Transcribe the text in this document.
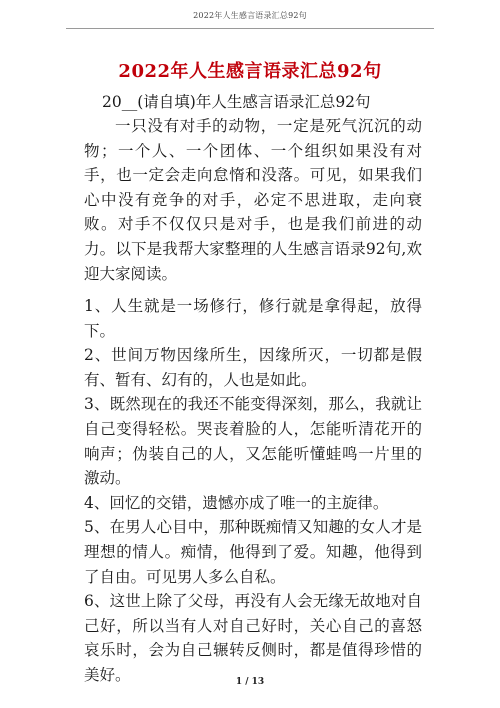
2022年人生感言语录汇总92句
2022年人生感言语录汇总92句

20__(请自填)年人生感言语录汇总92句

一只没有对手的动物，一定是死气沉沉的动物；一个人、一个团体、一个组织如果没有对手，也一定会走向怠惰和没落。可见，如果我们心中没有竞争的对手，必定不思进取，走向衰败。对手不仅仅只是对手，也是我们前进的动力。以下是我帮大家整理的人生感言语录92句,欢迎大家阅读。

1、人生就是一场修行，修行就是拿得起，放得下。

2、世间万物因缘所生，因缘所灭，一切都是假有、暂有、幻有的，人也是如此。

3、既然现在的我还不能变得深刻，那么，我就让自己变得轻松。哭丧着脸的人，怎能听清花开的响声；伪装自己的人，又怎能听懂蛙鸣一片里的激动。

4、回忆的交错，遗憾亦成了唯一的主旋律。

5、在男人心目中，那种既痴情又知趣的女人才是理想的情人。痴情，他得到了爱。知趣，他得到了自由。可见男人多么自私。

6、这世上除了父母，再没有人会无缘无故地对自己好，所以当有人对自己好时，关心自己的喜怒哀乐时，会为自己辗转反侧时，都是值得珍惜的美好。	1 / 13
